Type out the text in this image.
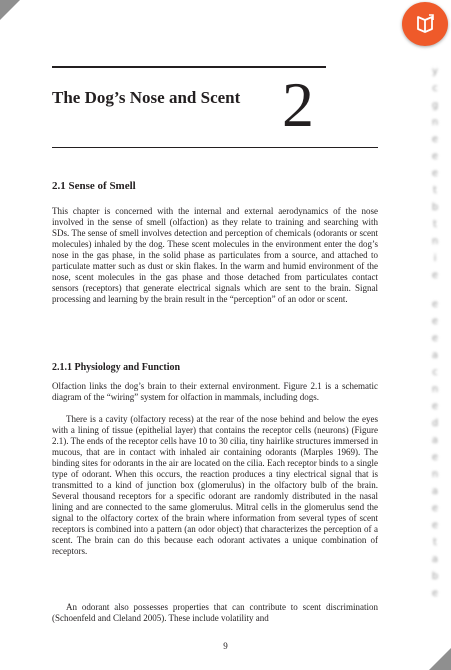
y
c
g
n
e
e
e
t
b
t
n
i
e
e
e
e
a
c
n
e
d
a
e
n
a
e
e
t
a
b
e
The Dog’s Nose and Scent 2
2.1 Sense of Smell

This chapter is concerned with the internal and external aerodynamics of the nose involved in the sense of smell (olfaction) as they relate to training and searching with SDs. The sense of smell involves detection and perception of chemicals (odorants or scent molecules) inhaled by the dog. These scent molecules in the environment enter the dog’s nose in the gas phase, in the solid phase as particulates from a source, and attached to particulate matter such as dust or skin flakes. In the warm and humid environment of the nose, scent molecules in the gas phase and those detached from particulates contact sensors (receptors) that generate electrical signals which are sent to the brain. Signal processing and learning by the brain result in the “perception” of an odor or scent.

2.1.1 Physiology and Function

Olfaction links the dog’s brain to their external environment. Figure 2.1 is a schematic diagram of the “wiring” system for olfaction in mammals, including dogs.

There is a cavity (olfactory recess) at the rear of the nose behind and below the eyes with a lining of tissue (epithelial layer) that contains the receptor cells (neurons) (Figure 2.1). The ends of the receptor cells have 10 to 30 cilia, tiny hairlike structures immersed in mucous, that are in contact with inhaled air containing odorants (Marples 1969). The binding sites for odorants in the air are located on the cilia. Each receptor binds to a single type of odorant. When this occurs, the reaction produces a tiny electrical signal that is transmitted to a kind of junction box (glomerulus) in the olfactory bulb of the brain. Several thousand receptors for a specific odorant are randomly distributed in the nasal lining and are connected to the same glomerulus. Mitral cells in the glomerulus send the signal to the olfactory cortex of the brain where information from several types of scent receptors is combined into a pattern (an odor object) that characterizes the perception of a scent. The brain can do this because each odorant activates a unique combination of receptors.

An odorant also possesses properties that can contribute to scent discrimination (Schoenfeld and Cleland 2005). These include volatility and

9
